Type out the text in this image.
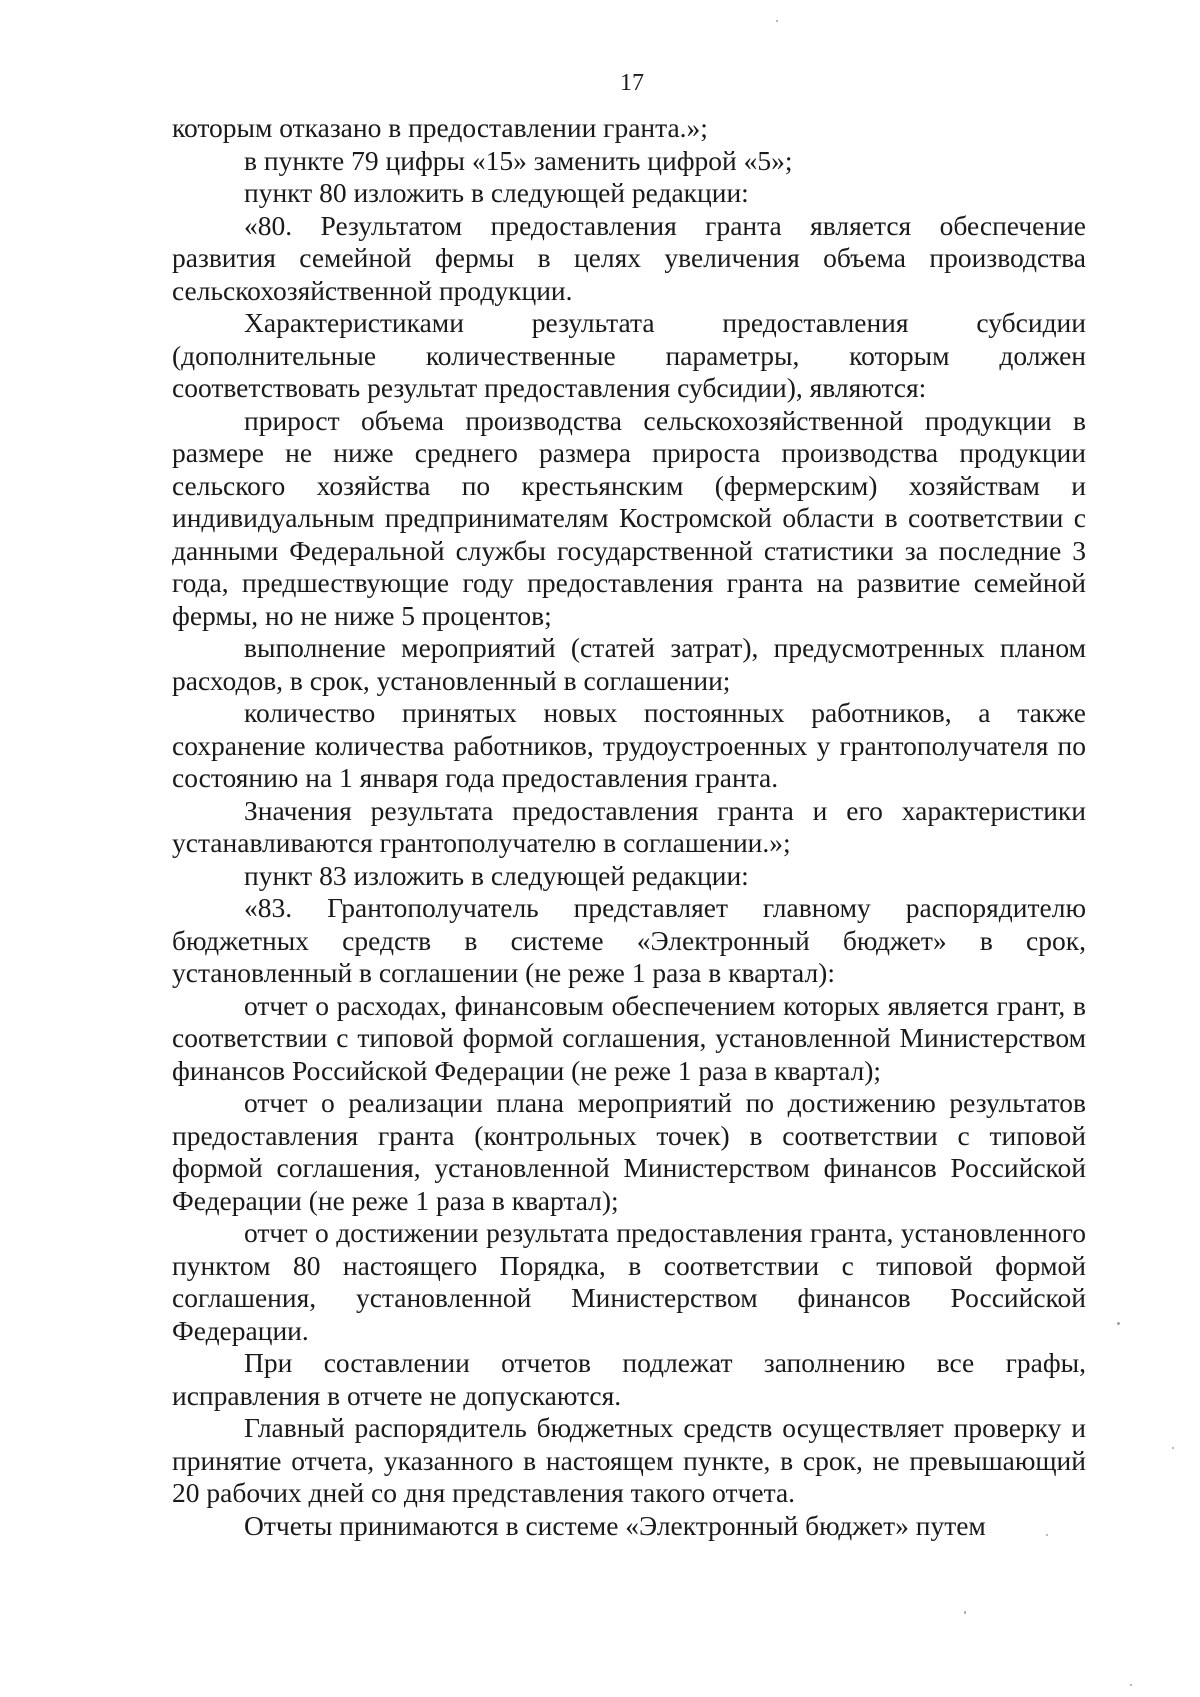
17

которым отказано в предоставлении гранта.»;

в пункте 79 цифры «15» заменить цифрой «5»;

пункт 80 изложить в следующей редакции:

«80. Результатом предоставления гранта является обеспечение развития семейной фермы в целях увеличения объема производства сельскохозяйственной продукции.

Характеристиками результата предоставления субсидии (дополнительные количественные параметры, которым должен соответствовать результат предоставления субсидии), являются:

прирост объема производства сельскохозяйственной продукции в размере не ниже среднего размера прироста производства продукции сельского хозяйства по крестьянским (фермерским) хозяйствам и индивидуальным предпринимателям Костромской области в соответствии с данными Федеральной службы государственной статистики за последние 3 года, предшествующие году предоставления гранта на развитие семейной фермы, но не ниже 5 процентов;

выполнение мероприятий (статей затрат), предусмотренных планом расходов, в срок, установленный в соглашении;

количество принятых новых постоянных работников, а также сохранение количества работников, трудоустроенных у грантополучателя по состоянию на 1 января года предоставления гранта.

Значения результата предоставления гранта и его характеристики устанавливаются грантополучателю в соглашении.»;

пункт 83 изложить в следующей редакции:

«83. Грантополучатель представляет главному распорядителю бюджетных средств в системе «Электронный бюджет» в срок, установленный в соглашении (не реже 1 раза в квартал):

отчет о расходах, финансовым обеспечением которых является грант, в соответствии с типовой формой соглашения, установленной Министерством финансов Российской Федерации (не реже 1 раза в квартал);

отчет о реализации плана мероприятий по достижению результатов предоставления гранта (контрольных точек) в соответствии с типовой формой соглашения, установленной Министерством финансов Российской Федерации (не реже 1 раза в квартал);

отчет о достижении результата предоставления гранта, установленного пунктом 80 настоящего Порядка, в соответствии с типовой формой соглашения, установленной Министерством финансов Российской Федерации.

При составлении отчетов подлежат заполнению все графы, исправления в отчете не допускаются.

Главный распорядитель бюджетных средств осуществляет проверку и принятие отчета, указанного в настоящем пункте, в срок, не превышающий 20 рабочих дней со дня представления такого отчета.

Отчеты принимаются в системе «Электронный бюджет» путем
